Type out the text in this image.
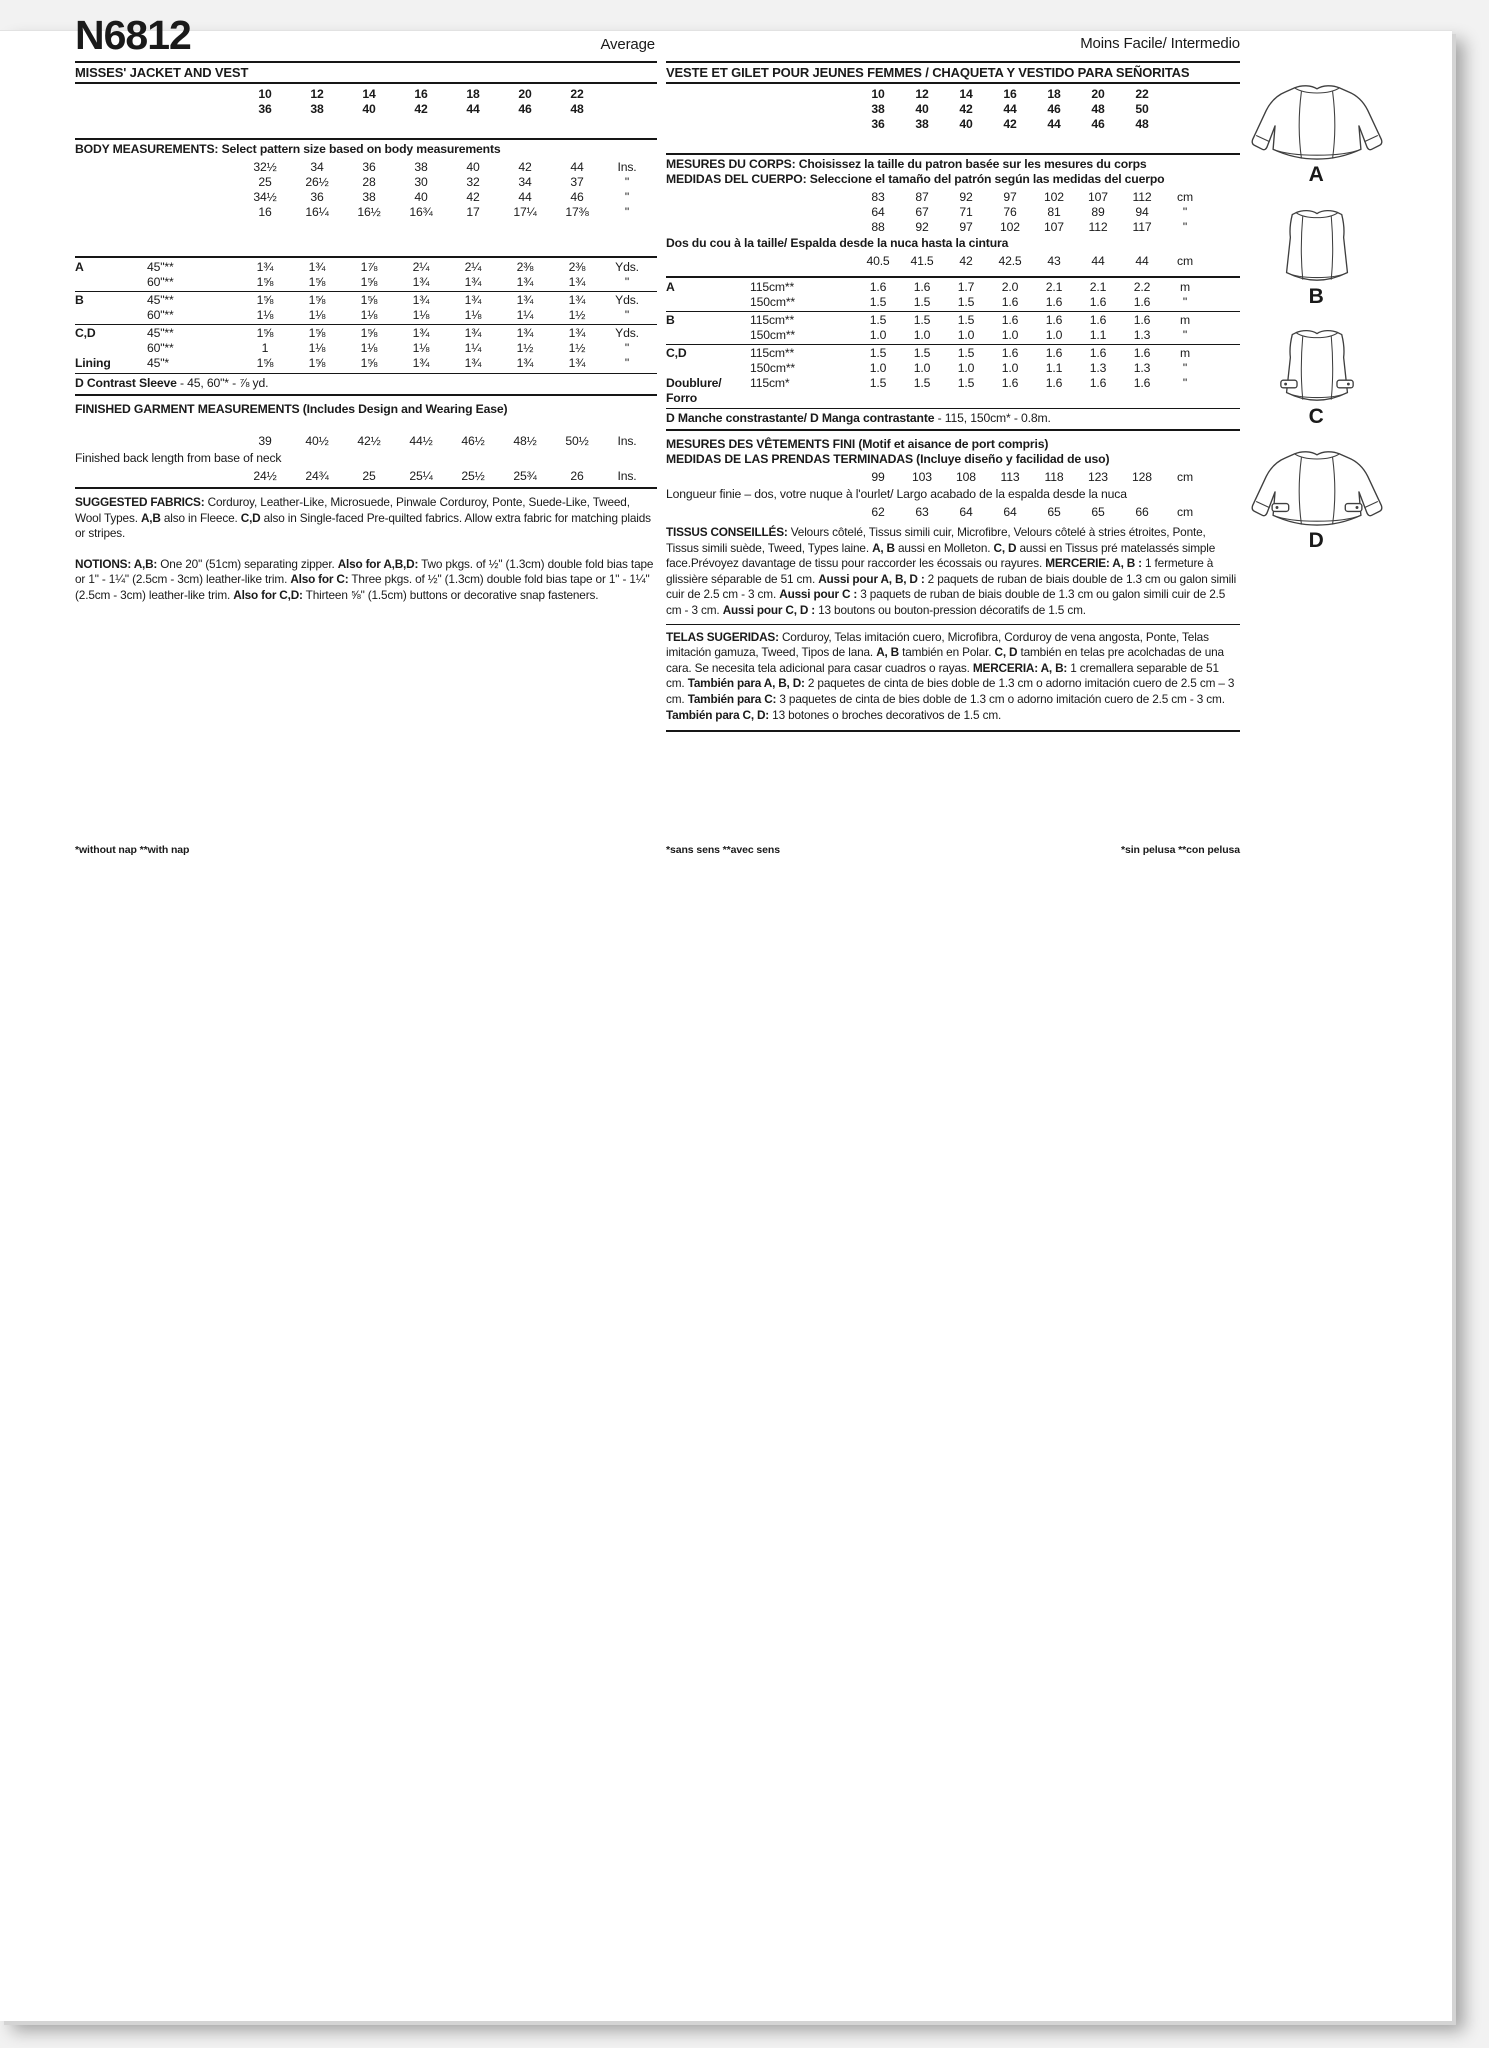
N6812	Average
MISSES' JACKET AND VEST
10	12	14	16	18	20	22
36	38	40	42	44	46	48
BODY MEASUREMENTS: Select pattern size based on body measurements
32½	34	36	38	40	42	44	Ins.
25	26½	28	30	32	34	37	"
34½	36	38	40	42	44	46	"
16	16¼	16½	16¾	17	17¼	17⅜	"
A	45"**	1¾	1¾	1⅞	2¼	2¼	2⅜	2⅜	Yds.
60"**	1⅝	1⅝	1⅝	1¾	1¾	1¾	1¾	"
B	45"**	1⅝	1⅝	1⅝	1¾	1¾	1¾	1¾	Yds.
60"**	1⅛	1⅛	1⅛	1⅛	1⅛	1¼	1½	"
C,D	45"**	1⅝	1⅝	1⅝	1¾	1¾	1¾	1¾	Yds.
60"**	1	1⅛	1⅛	1⅛	1¼	1½	1½	"
Lining	45"*	1⅝	1⅝	1⅝	1¾	1¾	1¾	1¾	"
D Contrast Sleeve - 45, 60"* - ⅞ yd.
FINISHED GARMENT MEASUREMENTS (Includes Design and Wearing Ease)
39	40½	42½	44½	46½	48½	50½	Ins.
Finished back length from base of neck
24½	24¾	25	25¼	25½	25¾	26	Ins.

SUGGESTED FABRICS: Corduroy, Leather-Like, Microsuede, Pinwale Corduroy, Ponte, Suede-Like, Tweed, Wool Types. A,B also in Fleece. C,D also in Single-faced Pre-quilted fabrics. Allow extra fabric for matching plaids or stripes.

NOTIONS: A,B: One 20" (51cm) separating zipper. Also for A,B,D: Two pkgs. of ½" (1.3cm) double fold bias tape or 1" - 1¼" (2.5cm - 3cm) leather-like trim. Also for C: Three pkgs. of ½" (1.3cm) double fold bias tape or 1" - 1¼" (2.5cm - 3cm) leather-like trim. Also for C,D: Thirteen ⅝" (1.5cm) buttons or decorative snap fasteners.

Moins Facile/ Intermedio
VESTE ET GILET POUR JEUNES FEMMES / CHAQUETA Y VESTIDO PARA SEÑORITAS
10	12	14	16	18	20	22
38	40	42	44	46	48	50
36	38	40	42	44	46	48
MESURES DU CORPS: Choisissez la taille du patron basée sur les mesures du corps
MEDIDAS DEL CUERPO: Seleccione el tamaño del patrón según las medidas del cuerpo
83	87	92	97	102	107	112	cm
64	67	71	76	81	89	94	"
88	92	97	102	107	112	117	"
Dos du cou à la taille/ Espalda desde la nuca hasta la cintura
40.5	41.5	42	42.5	43	44	44	cm
A	115cm**	1.6	1.6	1.7	2.0	2.1	2.1	2.2	m
150cm**	1.5	1.5	1.5	1.6	1.6	1.6	1.6	"
B	115cm**	1.5	1.5	1.5	1.6	1.6	1.6	1.6	m
150cm**	1.0	1.0	1.0	1.0	1.0	1.1	1.3	"
C,D	115cm**	1.5	1.5	1.5	1.6	1.6	1.6	1.6	m
150cm**	1.0	1.0	1.0	1.0	1.1	1.3	1.3	"
Doublure/ Forro
115cm*	1.5	1.5	1.5	1.6	1.6	1.6	1.6	"
D Manche constrastante/ D Manga contrastante - 115, 150cm* - 0.8m.
MESURES DES VÊTEMENTS FINI (Motif et aisance de port compris)
MEDIDAS DE LAS PRENDAS TERMINADAS (Incluye diseño y facilidad de uso)
99	103	108	113	118	123	128	cm
Longueur finie – dos, votre nuque à l'ourlet/ Largo acabado de la espalda desde la nuca
62	63	64	64	65	65	66	cm

TISSUS CONSEILLÉS: Velours côtelé, Tissus simili cuir, Microfibre, Velours côtelé à stries étroites, Ponte, Tissus simili suède, Tweed, Types laine. A, B aussi en Molleton. C, D aussi en Tissus pré matelassés simple face.Prévoyez davantage de tissu pour raccorder les écossais ou rayures. MERCERIE: A, B : 1 fermeture à glissière séparable de 51 cm. Aussi pour A, B, D : 2 paquets de ruban de biais double de 1.3 cm ou galon simili cuir de 2.5 cm - 3 cm. Aussi pour C : 3 paquets de ruban de biais double de 1.3 cm ou galon simili cuir de 2.5 cm - 3 cm. Aussi pour C, D : 13 boutons ou bouton-pression décoratifs de 1.5 cm.

TELAS SUGERIDAS: Corduroy, Telas imitación cuero, Microfibra, Corduroy de vena angosta, Ponte, Telas imitación gamuza, Tweed, Tipos de lana. A, B también en Polar. C, D también en telas pre acolchadas de una cara. Se necesita tela adicional para casar cuadros o rayas. MERCERIA: A, B: 1 cremallera separable de 51 cm. También para A, B, D: 2 paquetes de cinta de bies doble de 1.3 cm o adorno imitación cuero de 2.5 cm – 3 cm. También para C: 3 paquetes de cinta de bies doble de 1.3 cm o adorno imitación cuero de 2.5 cm - 3 cm. También para C, D: 13 botones o broches decorativos de 1.5 cm.

*without nap **with nap	*sans sens **avec sens	*sin pelusa **con pelusa
A
B
C
D
